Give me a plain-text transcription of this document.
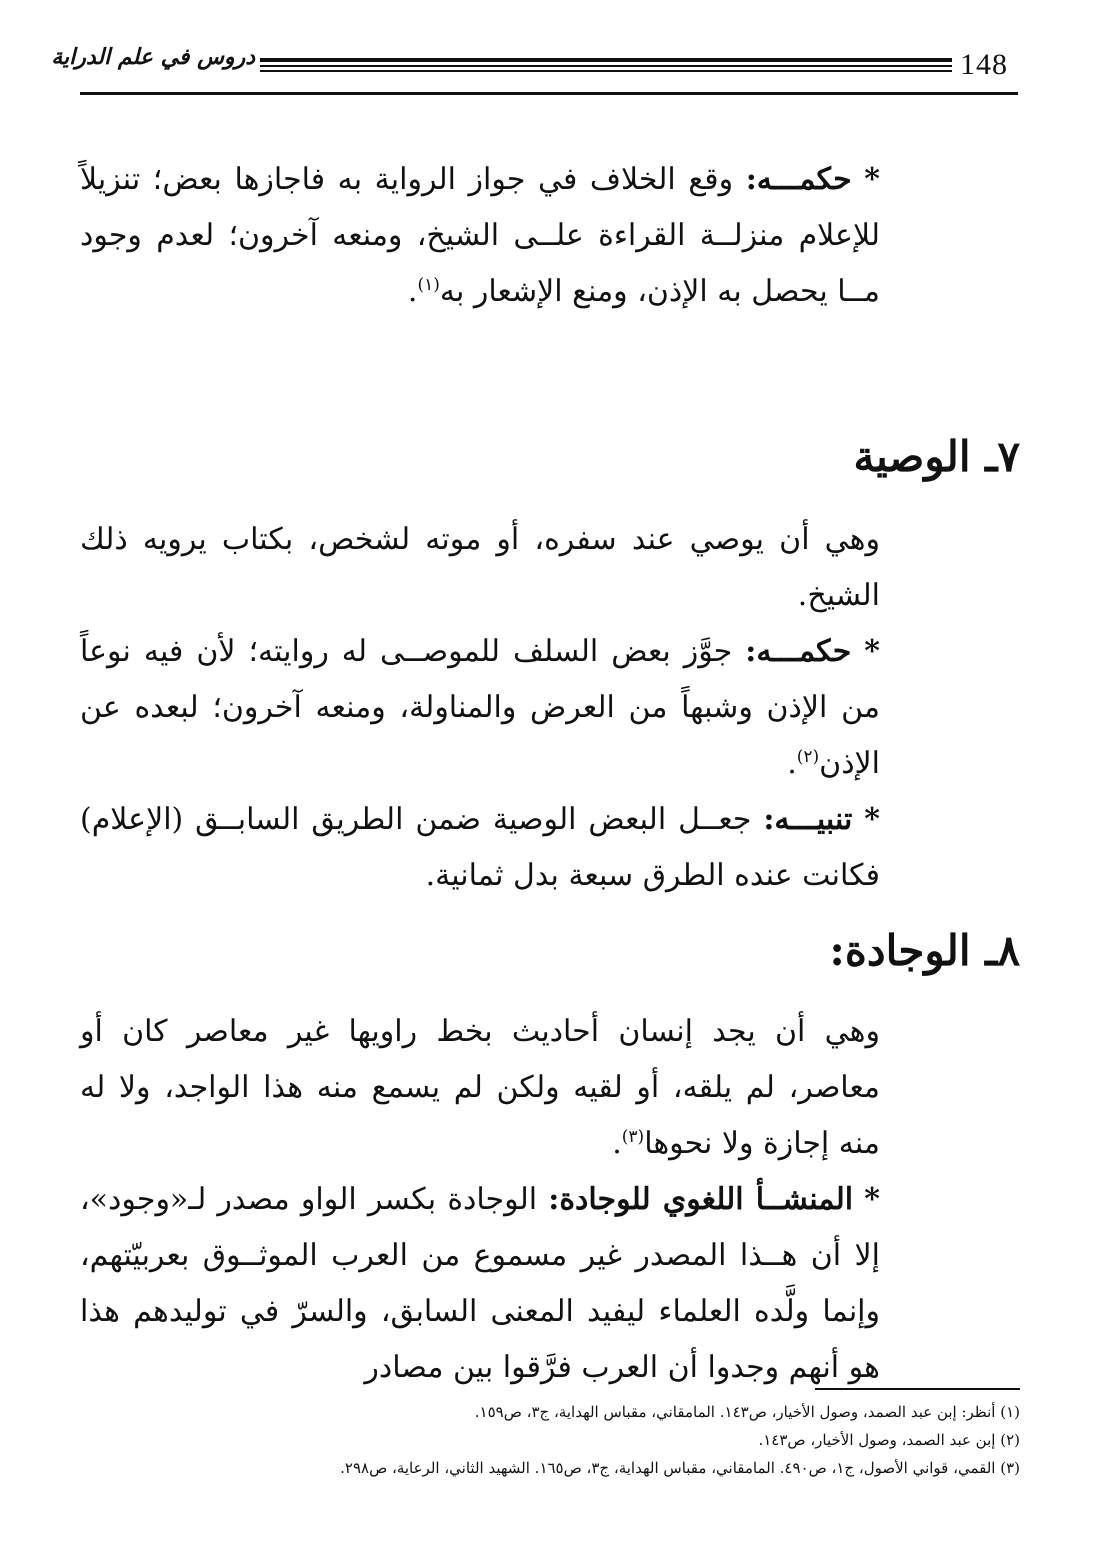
دروس في علم الدراية	148

* حكمـــه: وقع الخلاف في جواز الرواية به فاجازها بعض؛ تنزيلاً للإعلام منزلــة القراءة علــى الشيخ، ومنعه آخرون؛ لعدم وجود مــا يحصل به الإذن، ومنع الإشعار به$^{(١)}$.

٧ـ الوصية

وهي أن يوصي عند سفره، أو موته لشخص، بكتاب يرويه ذلك الشيخ.

* حكمـــه: جوَّز بعض السلف للموصــى له روايته؛ لأن فيه نوعاً من الإذن وشبهاً من العرض والمناولة، ومنعه آخرون؛ لبعده عن الإذن$^{(٢)}$.

* تنبيـــه: جعــل البعض الوصية ضمن الطريق السابــق (الإعلام) فكانت عنده الطرق سبعة بدل ثمانية.

٨ـ الوجادة:

وهي أن يجد إنسان أحاديث بخط راويها غير معاصر كان أو معاصر، لم يلقه، أو لقيه ولكن لم يسمع منه هذا الواجد، ولا له منه إجازة ولا نحوها$^{(٣)}$.

* المنشــأ اللغوي للوجادة: الوجادة بكسر الواو مصدر لـ«وجود»، إلا أن هــذا المصدر غير مسموع من العرب الموثــوق بعربيّتهم، وإنما ولَّده العلماء ليفيد المعنى السابق، والسرّ في توليدهم هذا هو أنهم وجدوا أن العرب فرَّقوا بين مصادر

(١) أنظر: إبن عبد الصمد، وصول الأخيار، ص١٤٣. المامقاني، مقباس الهداية، ج٣، ص١٥٩.

(٢) إبن عبد الصمد، وصول الأخيار، ص١٤٣.

(٣) القمي، قواني الأصول، ج١، ص٤٩٠. المامقاني، مقباس الهداية، ج٣، ص١٦٥. الشهيد الثاني، الرعاية، ص٢٩٨.
